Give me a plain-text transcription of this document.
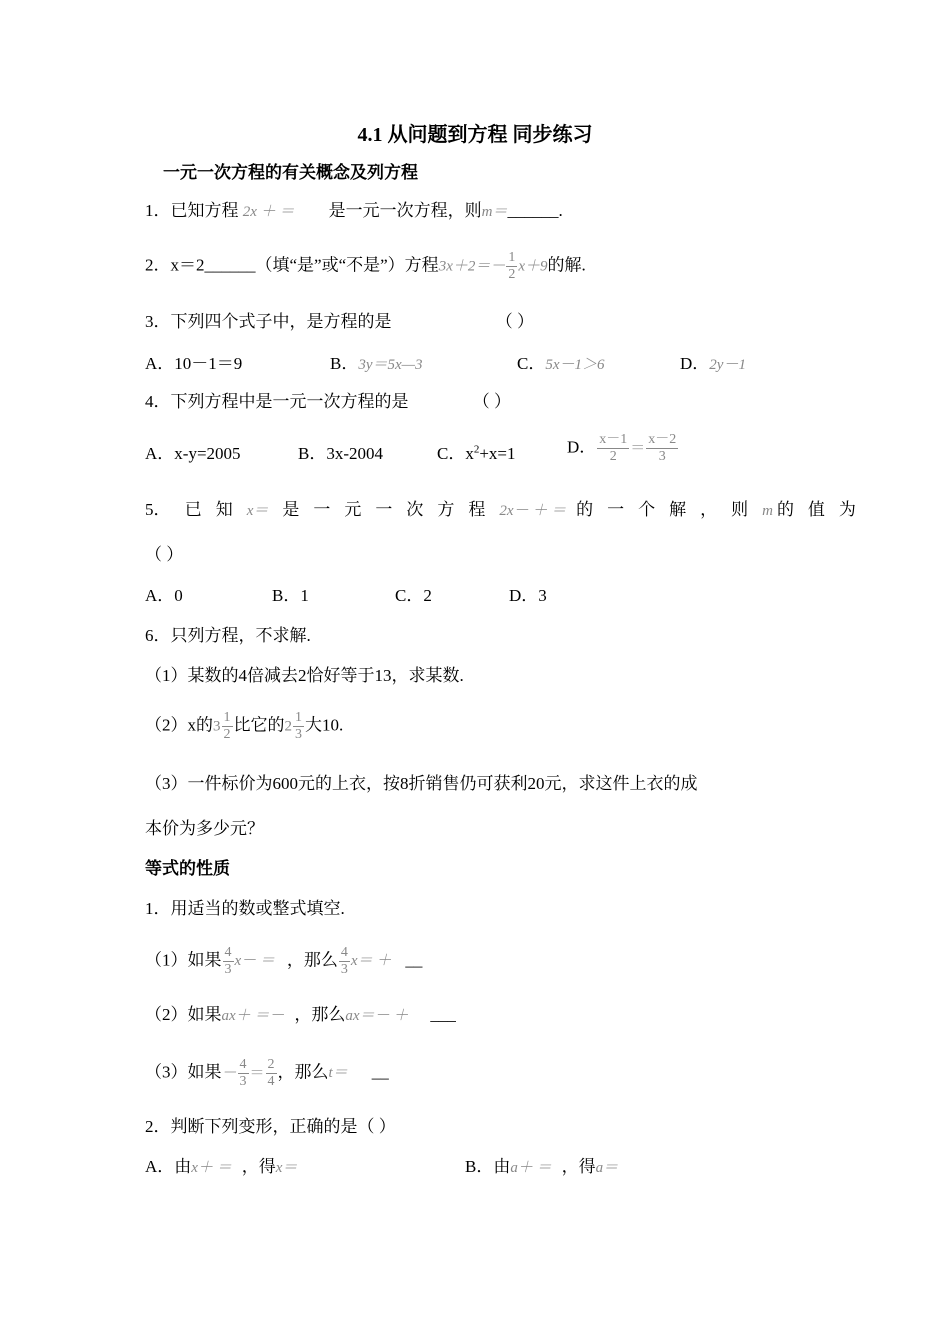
4.1 从问题到方程 同步练习
一元一次方程的有关概念及列方程
1．已知方程 2x ＋ ＝ 是一元一次方程，则m＝______.
2．x＝2______（填“是”或“不是”）方程$3x+2=- \frac{1}{2} x+9$的解.
3．下列四个式子中，是方程的是	（ ）
A．10－1＝9	B．3y＝5x—3	C．5x－1＞6	D．2y－1
4．下列方程中是一元一次方程的是	（ ）
A．x-y=2005	B．3x-2004	C．$x^2+x=1$	D． $\frac{x-1}{2} = \frac{x-2}{3}$
5． 已知x＝ 是一元一次方程2x－ ＋ ＝ 的一个解，则m 的值为
（ ）
A．0	B．1	C．2	D．3
6．只列方程，不求解.
（1）某数的4倍减去2恰好等于13，求某数.
（2）x的$3 \frac{1}{2}$ 比它的$2 \frac{1}{3}$ 大10.
（3）一件标价为600元的上衣，按8折销售仍可获利20元，求这件上衣的成
本价为多少元？
等式的性质
1．用适当的数或整式填空.
（1）如果 $\frac{4}{3} x-$ ＝ ，那么 $\frac{4}{3} x=$ ＋ __
（2）如果ax＋ ＝－ ，那么ax＝－ ＋ ___
（3）如果－ $\frac{4}{3} = \frac{2}{4}$ ，那么t＝ __
2．判断下列变形，正确的是（ ）
A．由x＋ ＝ ，得x＝	B．由a＋ ＝ ，得a＝
